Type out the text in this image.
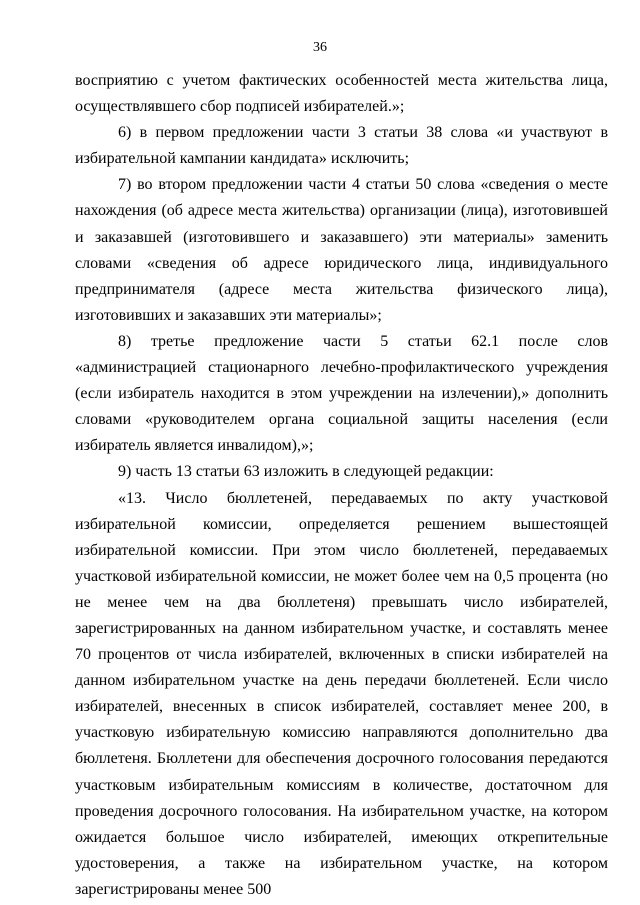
36

восприятию с учетом фактических особенностей места жительства лица, осуществлявшего сбор подписей избирателей.»;

6) в первом предложении части 3 статьи 38 слова «и участвуют в избирательной кампании кандидата» исключить;

7) во втором предложении части 4 статьи 50 слова «сведения о месте нахождения (об адресе места жительства) организации (лица), изготовившей и заказавшей (изготовившего и заказавшего) эти материалы» заменить словами «сведения об адресе юридического лица, индивидуального предпринимателя (адресе места жительства физического лица), изготовивших и заказавших эти материалы»;

8) третье предложение части 5 статьи 62.1 после слов «администрацией стационарного лечебно-профилактического учреждения (если избиратель находится в этом учреждении на излечении),» дополнить словами «руководителем органа социальной защиты населения (если избиратель является инвалидом),»;

9) часть 13 статьи 63 изложить в следующей редакции:

«13. Число бюллетеней, передаваемых по акту участковой избирательной комиссии, определяется решением вышестоящей избирательной комиссии. При этом число бюллетеней, передаваемых участковой избирательной комиссии, не может более чем на 0,5 процента (но не менее чем на два бюллетеня) превышать число избирателей, зарегистрированных на данном избирательном участке, и составлять менее 70 процентов от числа избирателей, включенных в списки избирателей на данном избирательном участке на день передачи бюллетеней. Если число избирателей, внесенных в список избирателей, составляет менее 200, в участковую избирательную комиссию направляются дополнительно два бюллетеня. Бюллетени для обеспечения досрочного голосования передаются участковым избирательным комиссиям в количестве, достаточном для проведения досрочного голосования. На избирательном участке, на котором ожидается большое число избирателей, имеющих открепительные удостоверения, а также на избирательном участке, на котором зарегистрированы менее 500
